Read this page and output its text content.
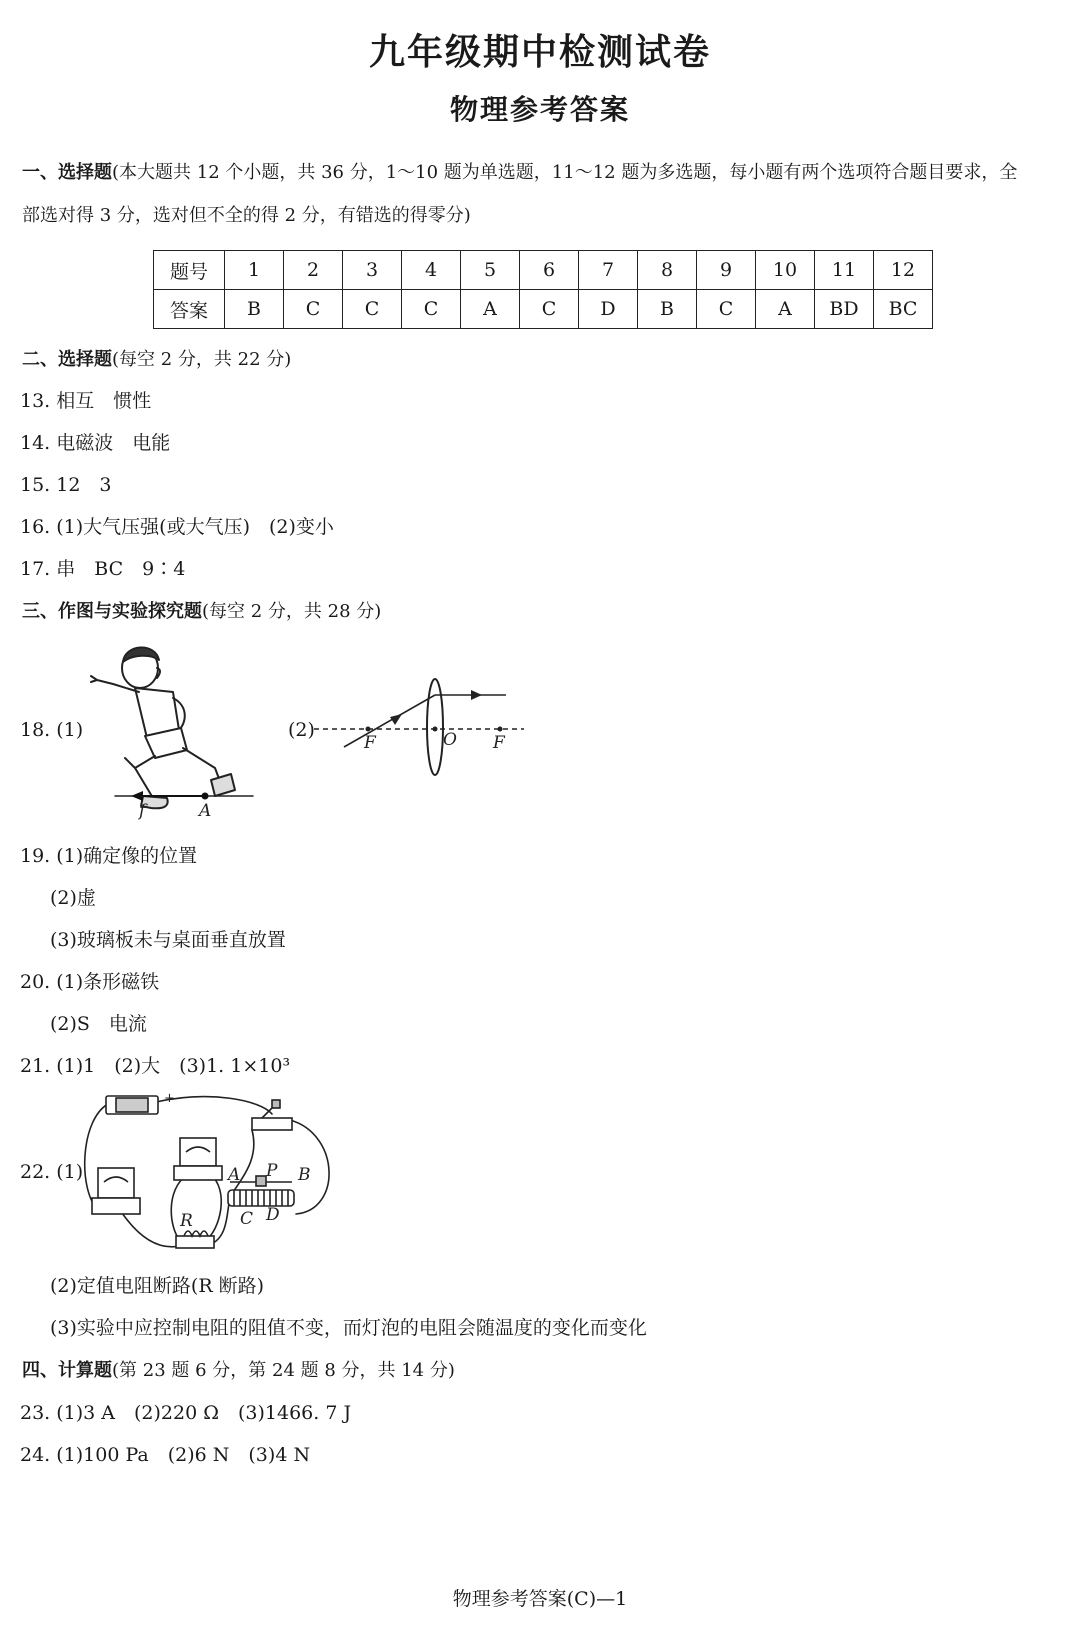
九年级期中检测试卷
物理参考答案
一、选择题(本大题共 12 个小题，共 36 分，1～10 题为单选题，11～12 题为多选题，每小题有两个选项符合题目要求，全
部选对得 3 分，选对但不全的得 2 分，有错选的得零分)
题号	1	2	3	4	5	6	7	8	9	10	11	12
答案	B	C	C	C	A	C	D	B	C	A	BD	BC
二、选择题(每空 2 分，共 22 分)
13. 相互　惯性
14. 电磁波　电能
15. 12　3
16. (1)大气压强(或大气压)　(2)变小
17. 串　BC　9∶4
三、作图与实验探究题(每空 2 分，共 28 分)
18. (1)
f	A
(2)
F	O F
19. (1)确定像的位置
(2)虚
(3)玻璃板未与桌面垂直放置
20. (1)条形磁铁
(2)S　电流
21. (1)1　(2)大　(3)1. 1×10³
22. (1)
+
A P B
C D
R
(2)定值电阻断路(R 断路)
(3)实验中应控制电阻的阻值不变，而灯泡的电阻会随温度的变化而变化
四、计算题(第 23 题 6 分，第 24 题 8 分，共 14 分)
23. (1)3 A　(2)220 Ω　(3)1466. 7 J
24. (1)100 Pa　(2)6 N　(3)4 N
物理参考答案(C)—1
